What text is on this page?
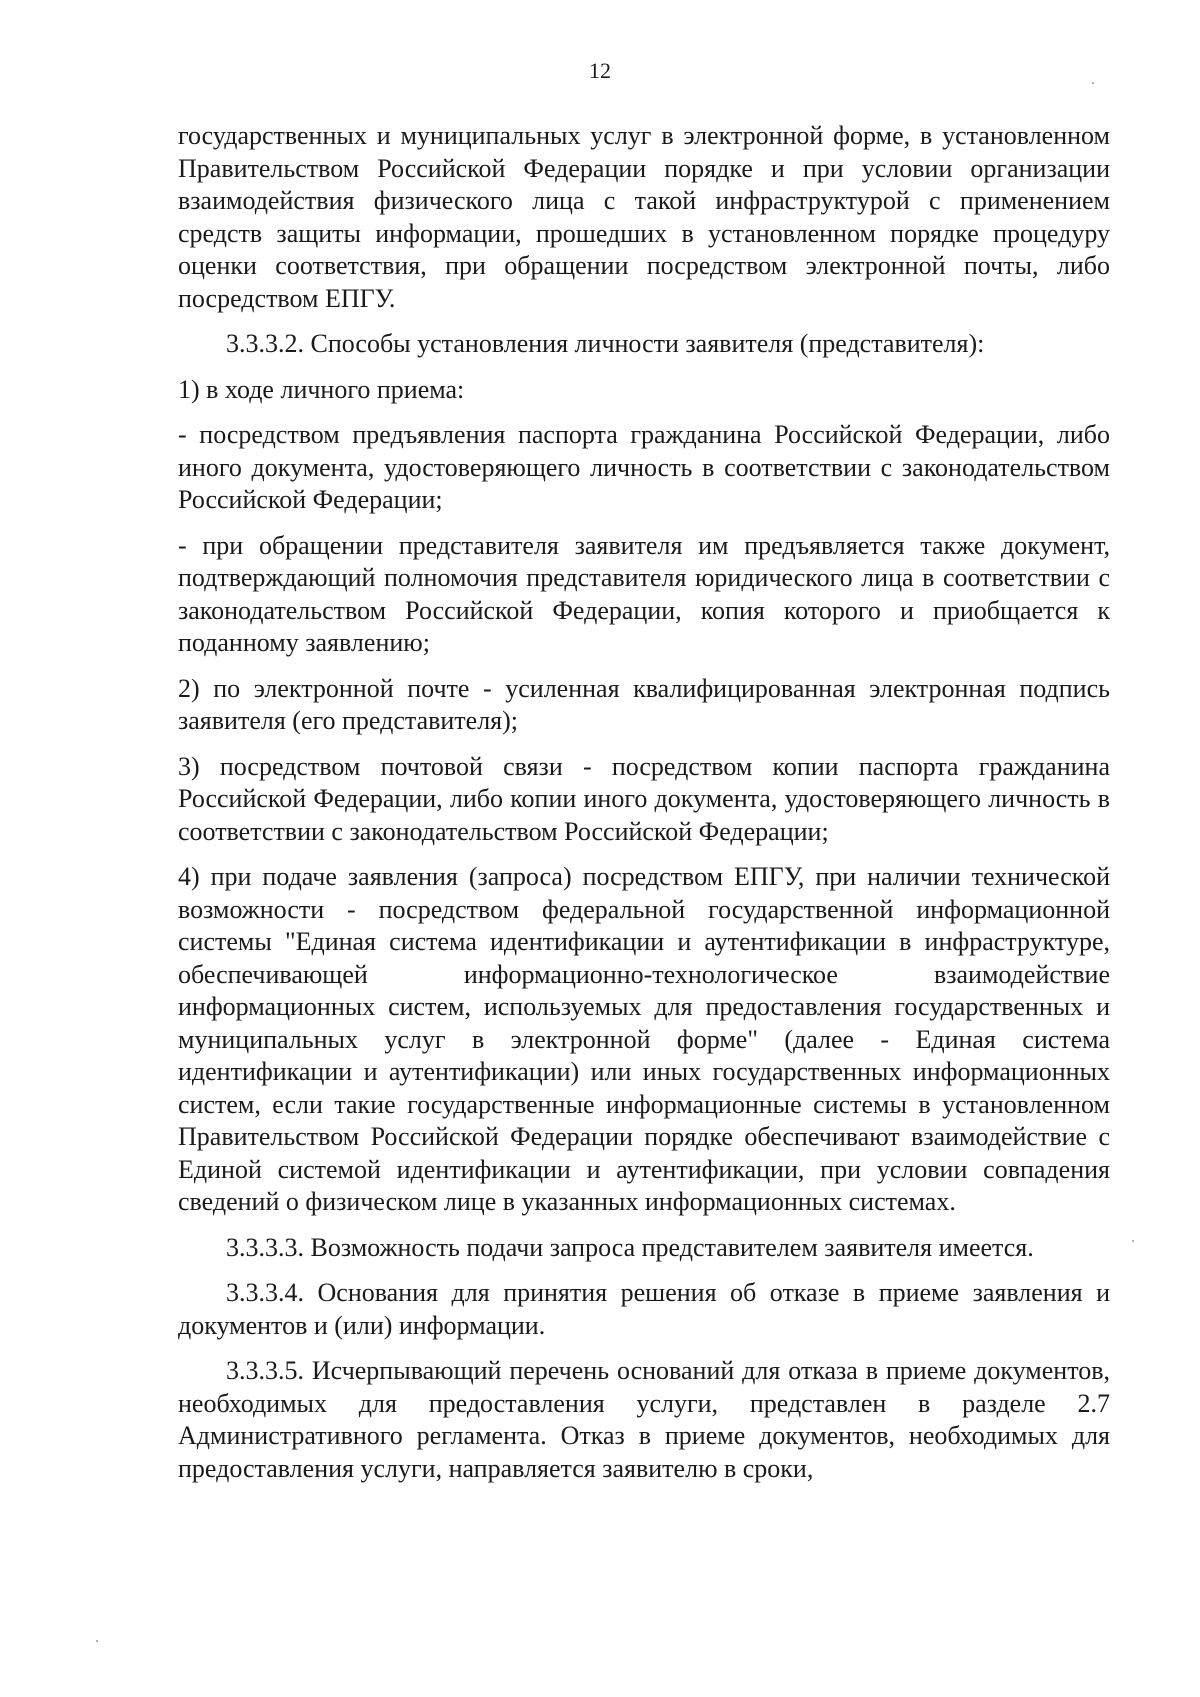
12

государственных и муниципальных услуг в электронной форме, в установленном Правительством Российской Федерации порядке и при условии организации взаимодействия физического лица с такой инфраструктурой с применением средств защиты информации, прошедших в установленном порядке процедуру оценки соответствия, при обращении посредством электронной почты, либо посредством ЕПГУ.

3.3.3.2. Способы установления личности заявителя (представителя):

1) в ходе личного приема:

- посредством предъявления паспорта гражданина Российской Федерации, либо иного документа, удостоверяющего личность в соответствии с законодательством Российской Федерации;

- при обращении представителя заявителя им предъявляется также документ, подтверждающий полномочия представителя юридического лица в соответствии с законодательством Российской Федерации, копия которого и приобщается к поданному заявлению;

2) по электронной почте - усиленная квалифицированная электронная подпись заявителя (его представителя);

3) посредством почтовой связи - посредством копии паспорта гражданина Российской Федерации, либо копии иного документа, удостоверяющего личность в соответствии с законодательством Российской Федерации;

4) при подаче заявления (запроса) посредством ЕПГУ, при наличии технической возможности - посредством федеральной государственной информационной системы "Единая система идентификации и аутентификации в инфраструктуре, обеспечивающей информационно-технологическое взаимодействие информационных систем, используемых для предоставления государственных и муниципальных услуг в электронной форме" (далее - Единая система идентификации и аутентификации) или иных государственных информационных систем, если такие государственные информационные системы в установленном Правительством Российской Федерации порядке обеспечивают взаимодействие с Единой системой идентификации и аутентификации, при условии совпадения сведений о физическом лице в указанных информационных системах.

3.3.3.3. Возможность подачи запроса представителем заявителя имеется.

3.3.3.4. Основания для принятия решения об отказе в приеме заявления и документов и (или) информации.

3.3.3.5. Исчерпывающий перечень оснований для отказа в приеме документов, необходимых для предоставления услуги, представлен в разделе 2.7 Административного регламента. Отказ в приеме документов, необходимых для предоставления услуги, направляется заявителю в сроки,
